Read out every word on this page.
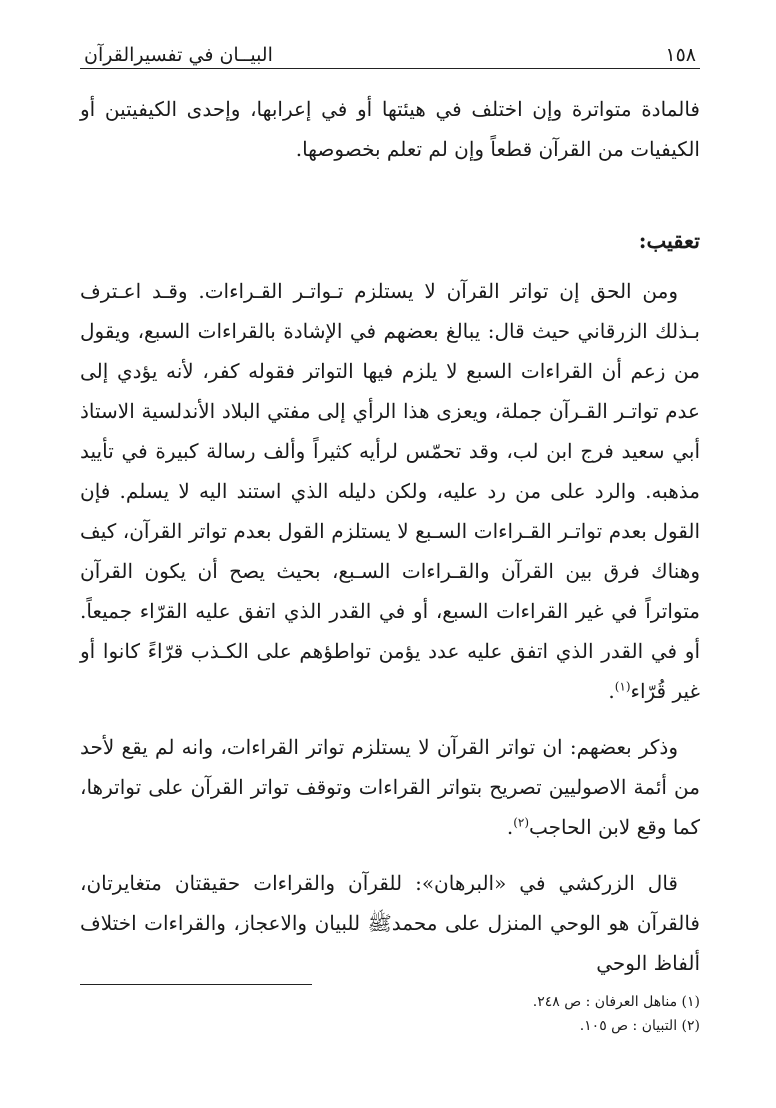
١٥٨
البيــان في تفسيرالقرآن

فالمادة متواترة وإن اختلف في هيئتها أو في إعرابها، وإحدى الكيفيتين أو الكيفيات من القرآن قطعاً وإن لم تعلم بخصوصها.

تعقيب:

ومن الحق إن تواتر القرآن لا يستلزم تـواتـر القـراءات. وقـد اعـترف بـذلك الزرقاني حيث قال: يبالغ بعضهم في الإشادة بالقراءات السبع، ويقول من زعم أن القراءات السبع لا يلزم فيها التواتر فقوله كفر، لأنه يؤدي إلى عدم تواتـر القـرآن جملة، ويعزى هذا الرأي إلى مفتي البلاد الأندلسية الاستاذ أبي سعيد فرج ابن لب، وقد تحمّس لرأيه كثيراً وألف رسالة كبيرة في تأييد مذهبه. والرد على من رد عليه، ولكن دليله الذي استند اليه لا يسلم. فإن القول بعدم تواتـر القـراءات السـبع لا يستلزم القول بعدم تواتر القرآن، كيف وهناك فرق بين القرآن والقـراءات السـبع، بحيث يصح أن يكون القرآن متواتراً في غير القراءات السبع، أو في القدر الذي اتفق عليه القرّاء جميعاً. أو في القدر الذي اتفق عليه عدد يؤمن تواطؤهم على الكـذب قرّاءً كانوا أو غير قُرّاء$^{(١)}$.

وذكر بعضهم: ان تواتر القرآن لا يستلزم تواتر القراءات، وانه لم يقع لأحد من أئمة الاصوليين تصريح بتواتر القراءات وتوقف تواتر القرآن على تواترها، كما وقع لابن الحاجب$^{(٢)}$.

قال الزركشي في «البرهان»: للقرآن والقراءات حقيقتان متغايرتان، فالقرآن هو الوحي المنزل على محمدﷺ للبيان والاعجاز، والقراءات اختلاف ألفاظ الوحي

(١) مناهل العرفان : ص ٢٤٨.

(٢) التبيان : ص ١٠٥.
